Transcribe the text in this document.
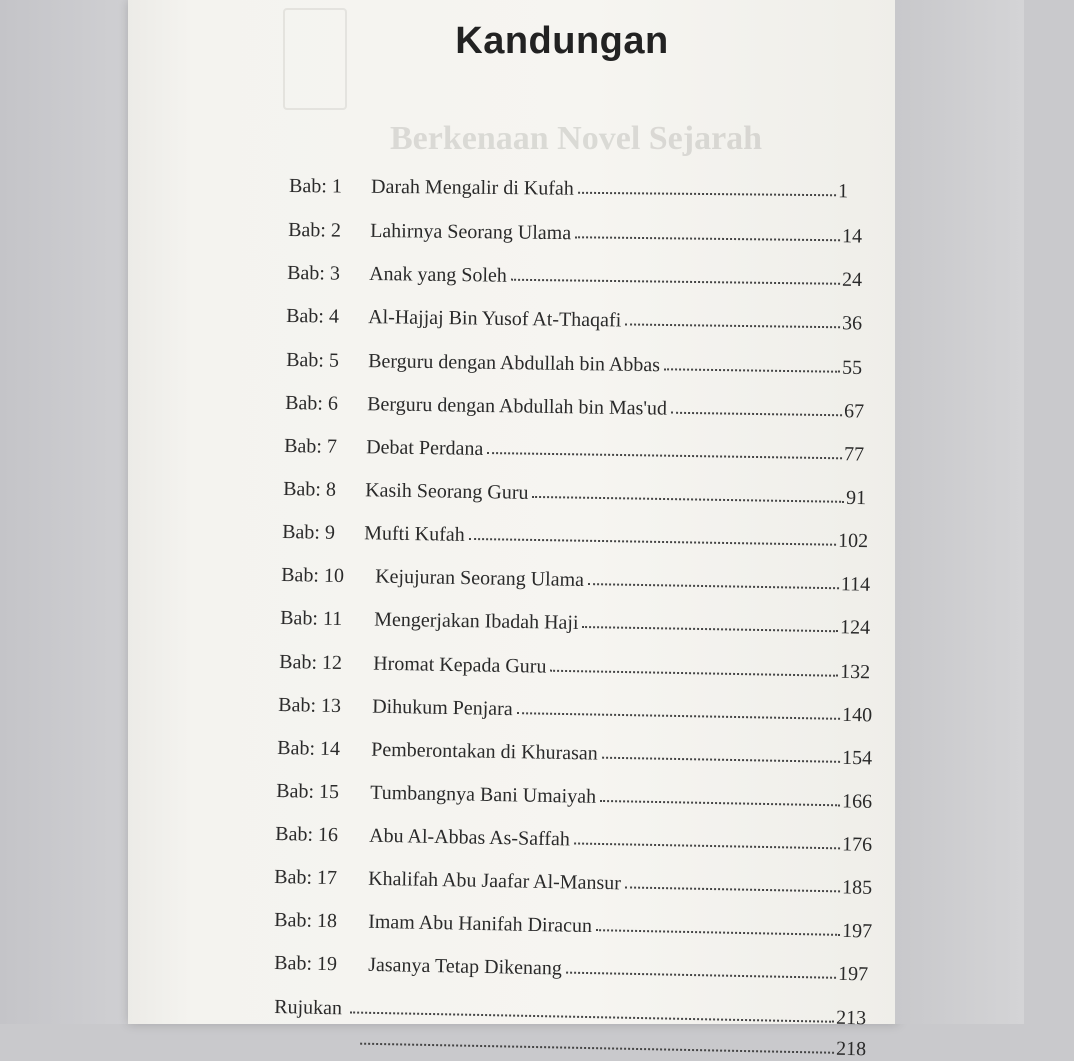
Berkenaan Novel Sejarah
Kandungan
Bab: 1	Darah Mengalir di Kufah	1
Bab: 2	Lahirnya Seorang Ulama	14
Bab: 3	Anak yang Soleh	24
Bab: 4	Al-Hajjaj Bin Yusof At-Thaqafi	36
Bab: 5	Berguru dengan Abdullah bin Abbas	55
Bab: 6	Berguru dengan Abdullah bin Mas'ud	67
Bab: 7	Debat Perdana	77
Bab: 8	Kasih Seorang Guru	91
Bab: 9	Mufti Kufah	102
Bab: 10	Kejujuran Seorang Ulama	114
Bab: 11	Mengerjakan Ibadah Haji	124
Bab: 12	Hromat Kepada Guru	132
Bab: 13	Dihukum Penjara	140
Bab: 14	Pemberontakan di Khurasan	154
Bab: 15	Tumbangnya Bani Umaiyah	166
Bab: 16	Abu Al-Abbas As-Saffah	176
Bab: 17	Khalifah Abu Jaafar Al-Mansur	185
Bab: 18	Imam Abu Hanifah Diracun	197
Bab: 19	Jasanya Tetap Dikenang	197
Rujukan	213
218
